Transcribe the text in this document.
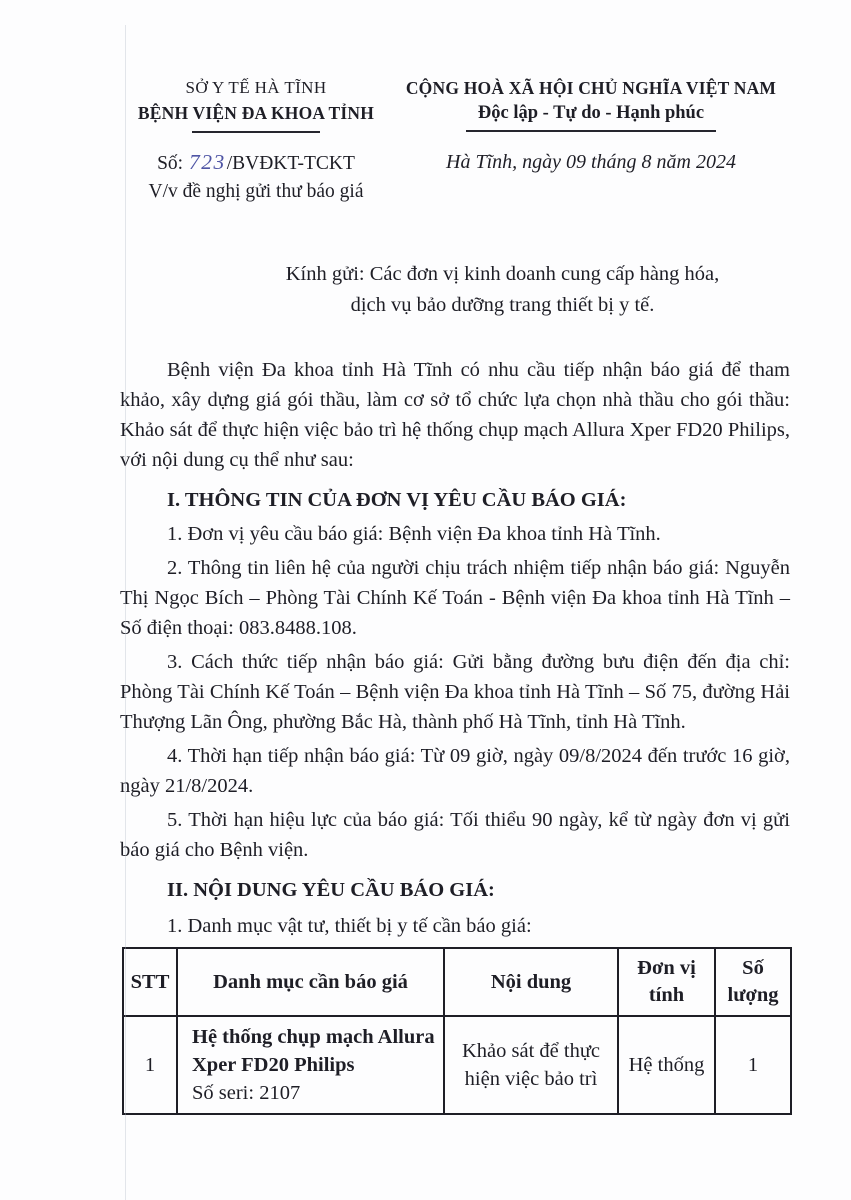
SỞ Y TẾ HÀ TĨNH
BỆNH VIỆN ĐA KHOA TỈNH
Số: 723/BVĐKT-TCKT
V/v đề nghị gửi thư báo giá
CỘNG HOÀ XÃ HỘI CHỦ NGHĨA VIỆT NAM
Độc lập - Tự do - Hạnh phúc
Hà Tĩnh, ngày 09 tháng 8 năm 2024
Kính gửi: Các đơn vị kinh doanh cung cấp hàng hóa,
dịch vụ bảo dưỡng trang thiết bị y tế.

Bệnh viện Đa khoa tỉnh Hà Tĩnh có nhu cầu tiếp nhận báo giá để tham khảo, xây dựng giá gói thầu, làm cơ sở tổ chức lựa chọn nhà thầu cho gói thầu: Khảo sát để thực hiện việc bảo trì hệ thống chụp mạch Allura Xper FD20 Philips, với nội dung cụ thể như sau:

I. THÔNG TIN CỦA ĐƠN VỊ YÊU CẦU BÁO GIÁ:

1. Đơn vị yêu cầu báo giá: Bệnh viện Đa khoa tỉnh Hà Tĩnh.

2. Thông tin liên hệ của người chịu trách nhiệm tiếp nhận báo giá: Nguyễn Thị Ngọc Bích – Phòng Tài Chính Kế Toán - Bệnh viện Đa khoa tỉnh Hà Tĩnh – Số điện thoại: 083.8488.108.

3. Cách thức tiếp nhận báo giá: Gửi bằng đường bưu điện đến địa chỉ: Phòng Tài Chính Kế Toán – Bệnh viện Đa khoa tỉnh Hà Tĩnh – Số 75, đường Hải Thượng Lãn Ông, phường Bắc Hà, thành phố Hà Tĩnh, tỉnh Hà Tĩnh.

4. Thời hạn tiếp nhận báo giá: Từ 09 giờ, ngày 09/8/2024 đến trước 16 giờ, ngày 21/8/2024.

5. Thời hạn hiệu lực của báo giá: Tối thiểu 90 ngày, kể từ ngày đơn vị gửi báo giá cho Bệnh viện.

II. NỘI DUNG YÊU CẦU BÁO GIÁ:

1. Danh mục vật tư, thiết bị y tế cần báo giá:

STT	Danh mục cần báo giá	Nội dung	Đơn vị tính	Số lượng
1	Hệ thống chụp mạch Allura Xper FD20 Philips
Số seri: 2107	Khảo sát để thực hiện việc bảo trì	Hệ thống	1
